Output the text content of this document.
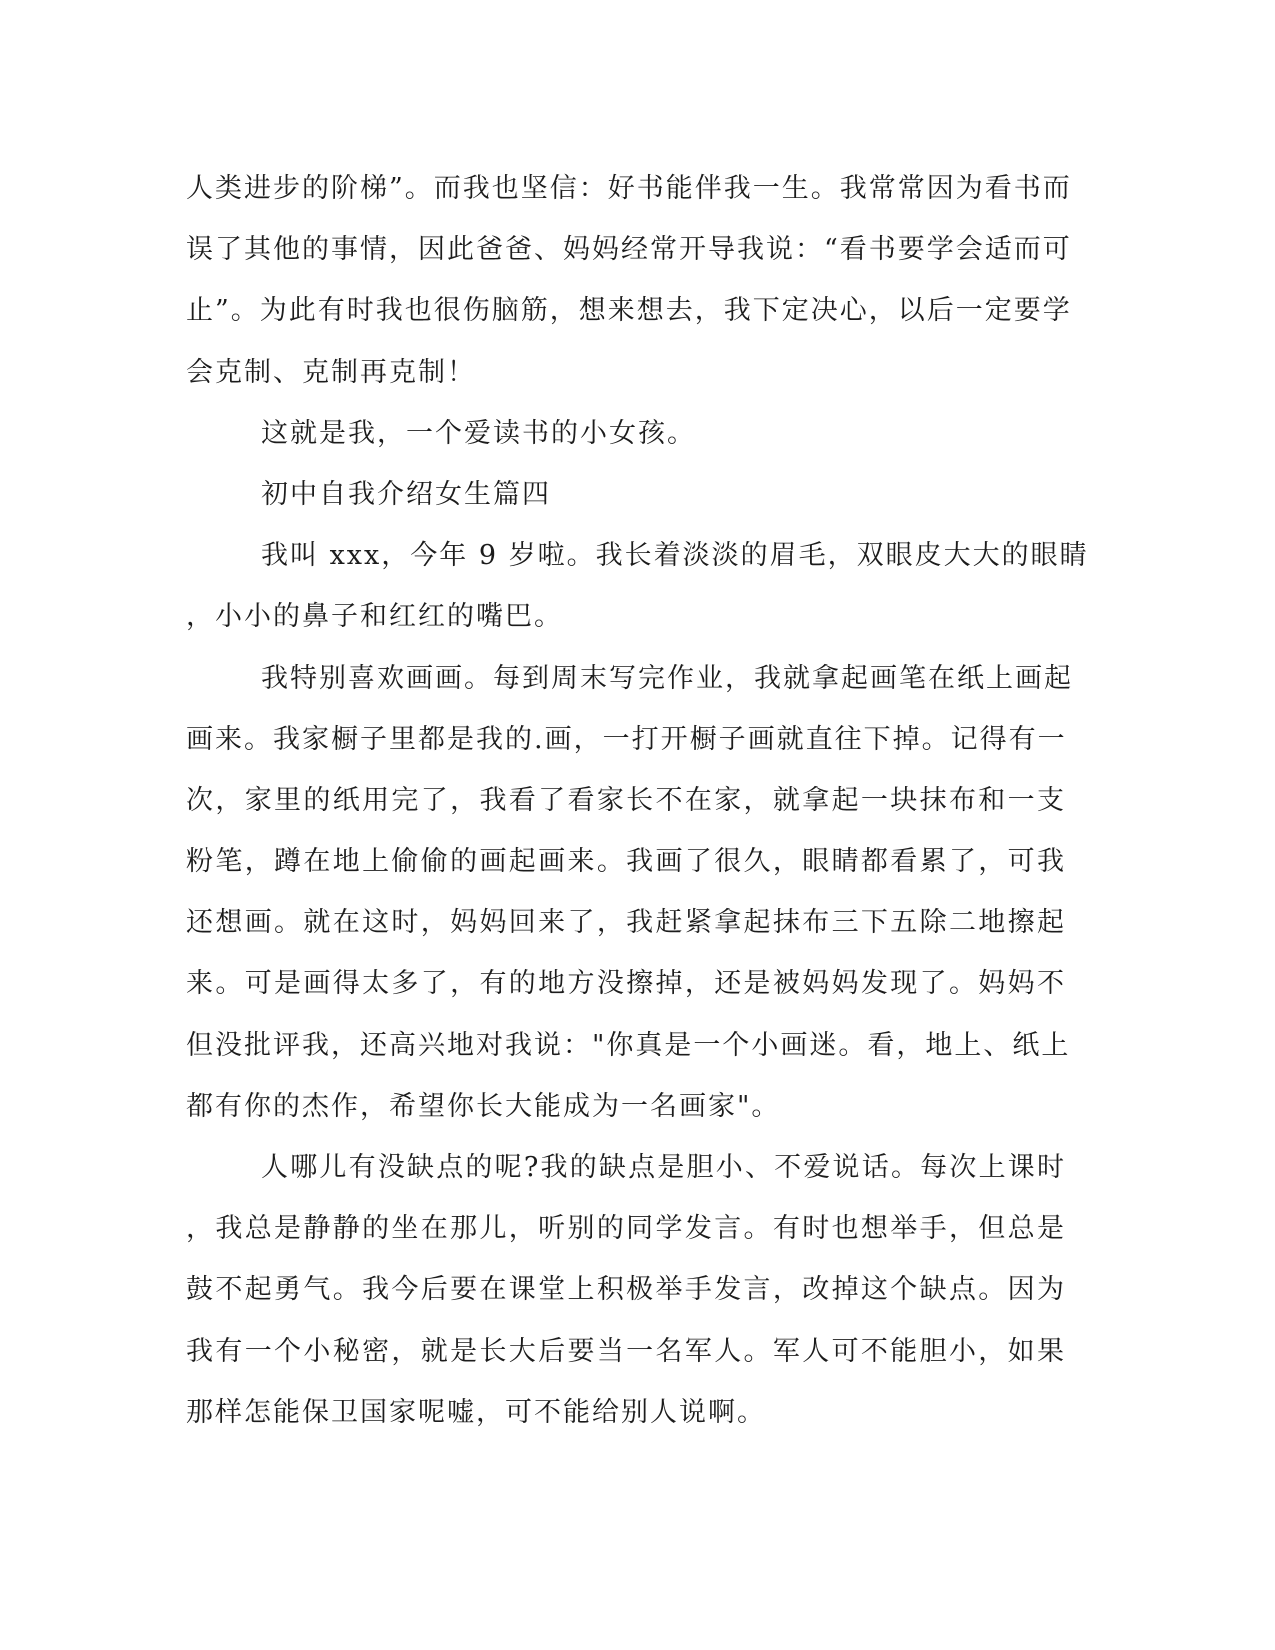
人类进步的阶梯”。而我也坚信：好书能伴我一生。我常常因为看书而
误了其他的事情，因此爸爸、妈妈经常开导我说：“看书要学会适而可
止”。为此有时我也很伤脑筋，想来想去，我下定决心，以后一定要学
会克制、克制再克制！
这就是我，一个爱读书的小女孩。
初中自我介绍女生篇四
我叫 xxx，今年 9 岁啦。我长着淡淡的眉毛，双眼皮大大的眼睛
，小小的鼻子和红红的嘴巴。
我特别喜欢画画。每到周末写完作业，我就拿起画笔在纸上画起
画来。我家橱子里都是我的.画，一打开橱子画就直往下掉。记得有一
次，家里的纸用完了，我看了看家长不在家，就拿起一块抹布和一支
粉笔，蹲在地上偷偷的画起画来。我画了很久，眼睛都看累了，可我
还想画。就在这时，妈妈回来了，我赶紧拿起抹布三下五除二地擦起
来。可是画得太多了，有的地方没擦掉，还是被妈妈发现了。妈妈不
但没批评我，还高兴地对我说："你真是一个小画迷。看，地上、纸上
都有你的杰作，希望你长大能成为一名画家"。
人哪儿有没缺点的呢?我的缺点是胆小、不爱说话。每次上课时
，我总是静静的坐在那儿，听别的同学发言。有时也想举手，但总是
鼓不起勇气。我今后要在课堂上积极举手发言，改掉这个缺点。因为
我有一个小秘密，就是长大后要当一名军人。军人可不能胆小，如果
那样怎能保卫国家呢嘘，可不能给别人说啊。
